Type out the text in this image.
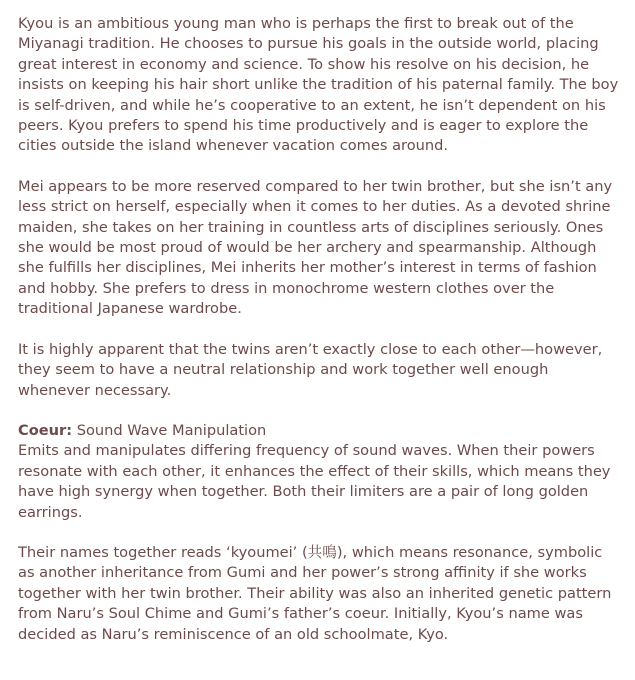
Kyou is an ambitious young man who is perhaps the first to break out of the Miyanagi tradition. He chooses to pursue his goals in the outside world, placing great interest in economy and science. To show his resolve on his decision, he insists on keeping his hair short unlike the tradition of his paternal family. The boy is self-driven, and while he’s cooperative to an extent, he isn’t dependent on his peers. Kyou prefers to spend his time productively and is eager to explore the cities outside the island whenever vacation comes around.

Mei appears to be more reserved compared to her twin brother, but she isn’t any less strict on herself, especially when it comes to her duties. As a devoted shrine maiden, she takes on her training in countless arts of disciplines seriously. Ones she would be most proud of would be her archery and spearmanship. Although she fulfills her disciplines, Mei inherits her mother’s interest in terms of fashion and hobby. She prefers to dress in monochrome western clothes over the traditional Japanese wardrobe.

It is highly apparent that the twins aren’t exactly close to each other—however, they seem to have a neutral relationship and work together well enough whenever necessary.

Coeur: Sound Wave Manipulation
Emits and manipulates differing frequency of sound waves. When their powers resonate with each other, it enhances the effect of their skills, which means they have high synergy when together. Both their limiters are a pair of long golden earrings.

Their names together reads ‘kyoumei’ (共鳴), which means resonance, symbolic as another inheritance from Gumi and her power’s strong affinity if she works together with her twin brother. Their ability was also an inherited genetic pattern from Naru’s Soul Chime and Gumi’s father’s coeur. Initially, Kyou’s name was decided as Naru’s reminiscence of an old schoolmate, Kyo.
